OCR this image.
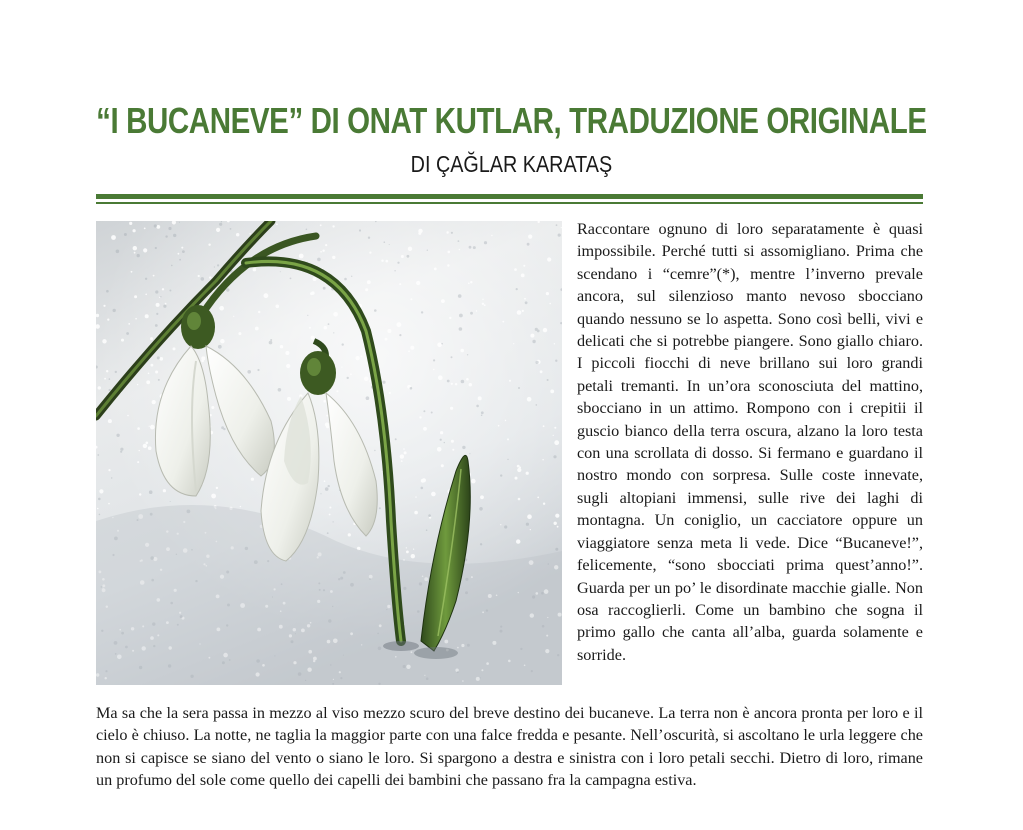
“I BUCANEVE” DI ONAT KUTLAR, TRADUZIONE ORIGINALE
DI ÇAĞLAR KARATAŞ
Raccontare ognuno di loro separatamente è quasi impossibile. Perché tutti si assomigliano. Prima che scendano i “cemre”(*), mentre l’inverno prevale ancora, sul silenzioso manto nevoso sbocciano quando nessuno se lo aspetta. Sono così belli, vivi e delicati che si potrebbe piangere. Sono giallo chiaro. I piccoli fiocchi di neve brillano sui loro grandi petali tremanti. In un’ora sconosciuta del mattino, sbocciano in un attimo. Rompono con i crepitii il guscio bianco della terra oscura, alzano la loro testa con una scrollata di dosso. Si fermano e guardano il nostro mondo con sorpresa. Sulle coste innevate, sugli altopiani immensi, sulle rive dei laghi di montagna. Un coniglio, un cacciatore oppure un viaggiatore senza meta li vede. Dice “Bucaneve!”, felicemente, “sono sbocciati prima quest’anno!”. Guarda per un po’ le disordinate macchie gialle. Non osa raccoglierli. Come un bambino che sogna il primo gallo che canta all’alba, guarda solamente e sorride.
Ma sa che la sera passa in mezzo al viso mezzo scuro del breve destino dei bucaneve. La terra non è ancora pronta per loro e il cielo è chiuso. La notte, ne taglia la maggior parte con una falce fredda e pesante. Nell’oscurità, si ascoltano le urla leggere che non si capisce se siano del vento o siano le loro. Si spargono a destra e sinistra con i loro petali secchi. Dietro di loro, rimane un profumo del sole come quello dei capelli dei bambini che passano fra la campagna estiva.
